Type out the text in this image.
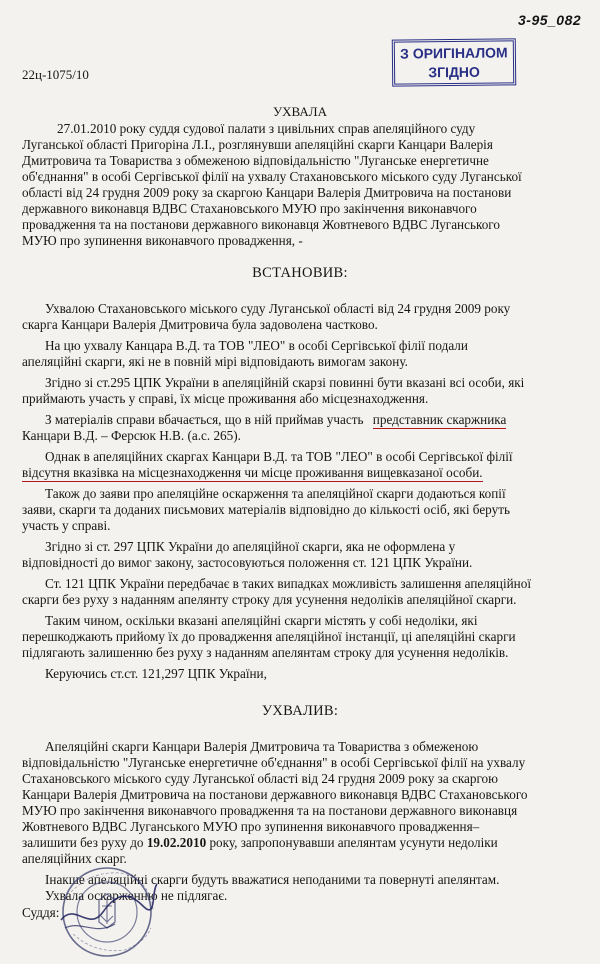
3-95_082
З ОРИГІНАЛОМ
ЗГІДНО
22ц-1075/10
УХВАЛА
27.01.2010 року суддя судової палати з цивільних справ апеляційного суду
Луганської області Пригоріна Л.І., розглянувши апеляційні скарги Канцари Валерія
Дмитровича та Товариства з обмеженою відповідальністю "Луганське енергетичне
об'єднання" в особі Сергівської філії на ухвалу Стахановського міського суду Луганської
області від 24 грудня 2009 року за скаргою Канцари Валерія Дмитровича на постанови
державного виконавця ВДВС Стахановського МУЮ про закінчення виконавчого
провадження та на постанови державного виконавця Жовтневого ВДВС Луганського
МУЮ про зупинення виконавчого провадження, -
ВСТАНОВИВ:
Ухвалою Стахановського міського суду Луганської області від 24 грудня 2009 року
скарга Канцари Валерія Дмитровича була задоволена частково.
На цю ухвалу Канцара В.Д. та ТОВ "ЛЕО" в особі Сергівської філії подали
апеляційні скарги, які не в повній мірі відповідають вимогам закону.
Згідно зі ст.295 ЦПК України в апеляційній скарзі повинні бути вказані всі особи, які
приймають участь у справі, їх місце проживання або місцезнаходження.
З матеріалів справи вбачається, що в ній приймав участь представник скаржника
Канцари В.Д. – Ферсюк Н.В. (а.с. 265).
Однак в апеляційних скаргах Канцари В.Д. та ТОВ "ЛЕО" в особі Сергівської філії
відсутня вказівка на місцезнаходження чи місце проживання вищевказаної особи.
Також до заяви про апеляційне оскарження та апеляційної скарги додаються копії
заяви, скарги та доданих письмових матеріалів відповідно до кількості осіб, які беруть
участь у справі.
Згідно зі ст. 297 ЦПК України до апеляційної скарги, яка не оформлена у
відповідності до вимог закону, застосовуються положення ст. 121 ЦПК України.
Ст. 121 ЦПК України передбачає в таких випадках можливість залишення апеляційної
скарги без руху з наданням апелянту строку для усунення недоліків апеляційної скарги.
Таким чином, оскільки вказані апеляційні скарги містять у собі недоліки, які
перешкоджають прийому їх до провадження апеляційної інстанції, ці апеляційні скарги
підлягають залишенню без руху з наданням апелянтам строку для усунення недоліків.
Керуючись ст.ст. 121,297 ЦПК України,
УХВАЛИВ:
Апеляційні скарги Канцари Валерія Дмитровича та Товариства з обмеженою
відповідальністю "Луганське енергетичне об'єднання" в особі Сергівської філії на ухвалу
Стахановського міського суду Луганської області від 24 грудня 2009 року за скаргою
Канцари Валерія Дмитровича на постанови державного виконавця ВДВС Стахановського
МУЮ про закінчення виконавчого провадження та на постанови державного виконавця
Жовтневого ВДВС Луганського МУЮ про зупинення виконавчого провадження–
залишити без руху до 19.02.2010 року, запропонувавши апелянтам усунути недоліки
апеляційних скарг.
Інакше апеляційні скарги будуть вважатися неподаними та повернуті апелянтам.
Ухвала оскарженню не підлягає.
Суддя:
